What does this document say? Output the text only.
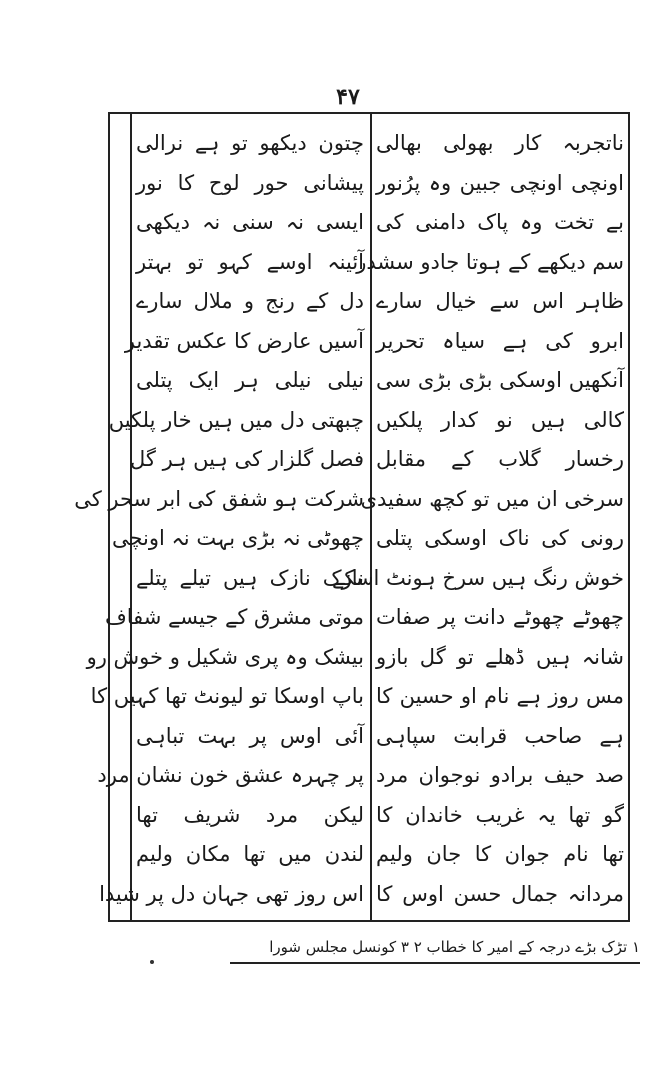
۴۷
ناتجربہ کار بھولی بھالی
اونچی اونچی جبین وہ پرُنور
بے تخت وہ پاک دامنی کی
سم دیکھے کے ہوتا جادو سشدر
ظاہر اس سے خیال سارے
ابرو کی ہے سیاہ تحریر
آنکھیں اوسکی بڑی بڑی سی
کالی ہیں نو کدار پلکیں
رخسار گلاب کے مقابل
سرخی ان میں تو کچھ سفیدی
رونی کی ناک اوسکی پتلی
خوش رنگ ہیں سرخ ہونٹ اسکے
چھوٹے چھوٹے دانت پر صفات
شانہ ہیں ڈھلے تو گل بازو
مس روز ہے نام او حسین کا
ہے صاحب قرابت سپاہی
صد حیف برادو نوجوان مرد
گو تھا یہ غریب خاندان کا
تھا نام جوان کا جان ولیم
مردانہ جمال حسن اوس کا
چتون دیکھو تو ہے نرالی
پیشانی حور لوح کا نور
ایسی نہ سنی نہ دیکھی
آئینہ اوسے کہو تو بہتر
دل کے رنج و ملال سارے
آسیں عارض کا عکس تقدیر
نیلی نیلی ہر ایک پتلی
چبھتی دل میں ہیں خار پلکیں
فصل گلزار کی ہیں ہر گل
شرکت ہو شفق کی ابر سحر کی
چھوٹی نہ بڑی بہت نہ اونچی
نازک نازک ہیں تیلے پتلے
موتی مشرق کے جیسے شفاف
بیشک وہ پری شکیل و خوش رو
باپ اوسکا تو لیونٹ تھا کہیں کا
آئی اوس پر بہت تباہی
پر چہرہ عشق خون نشان مرد
لیکن مرد شریف تھا
لندن میں تھا مکان ولیم
اس روز تھی جہان دل پر شیدا
۱ تڑک بڑے درجہ کے امیر کا خطاب ۲ ۳ کونسل مجلس شورا
